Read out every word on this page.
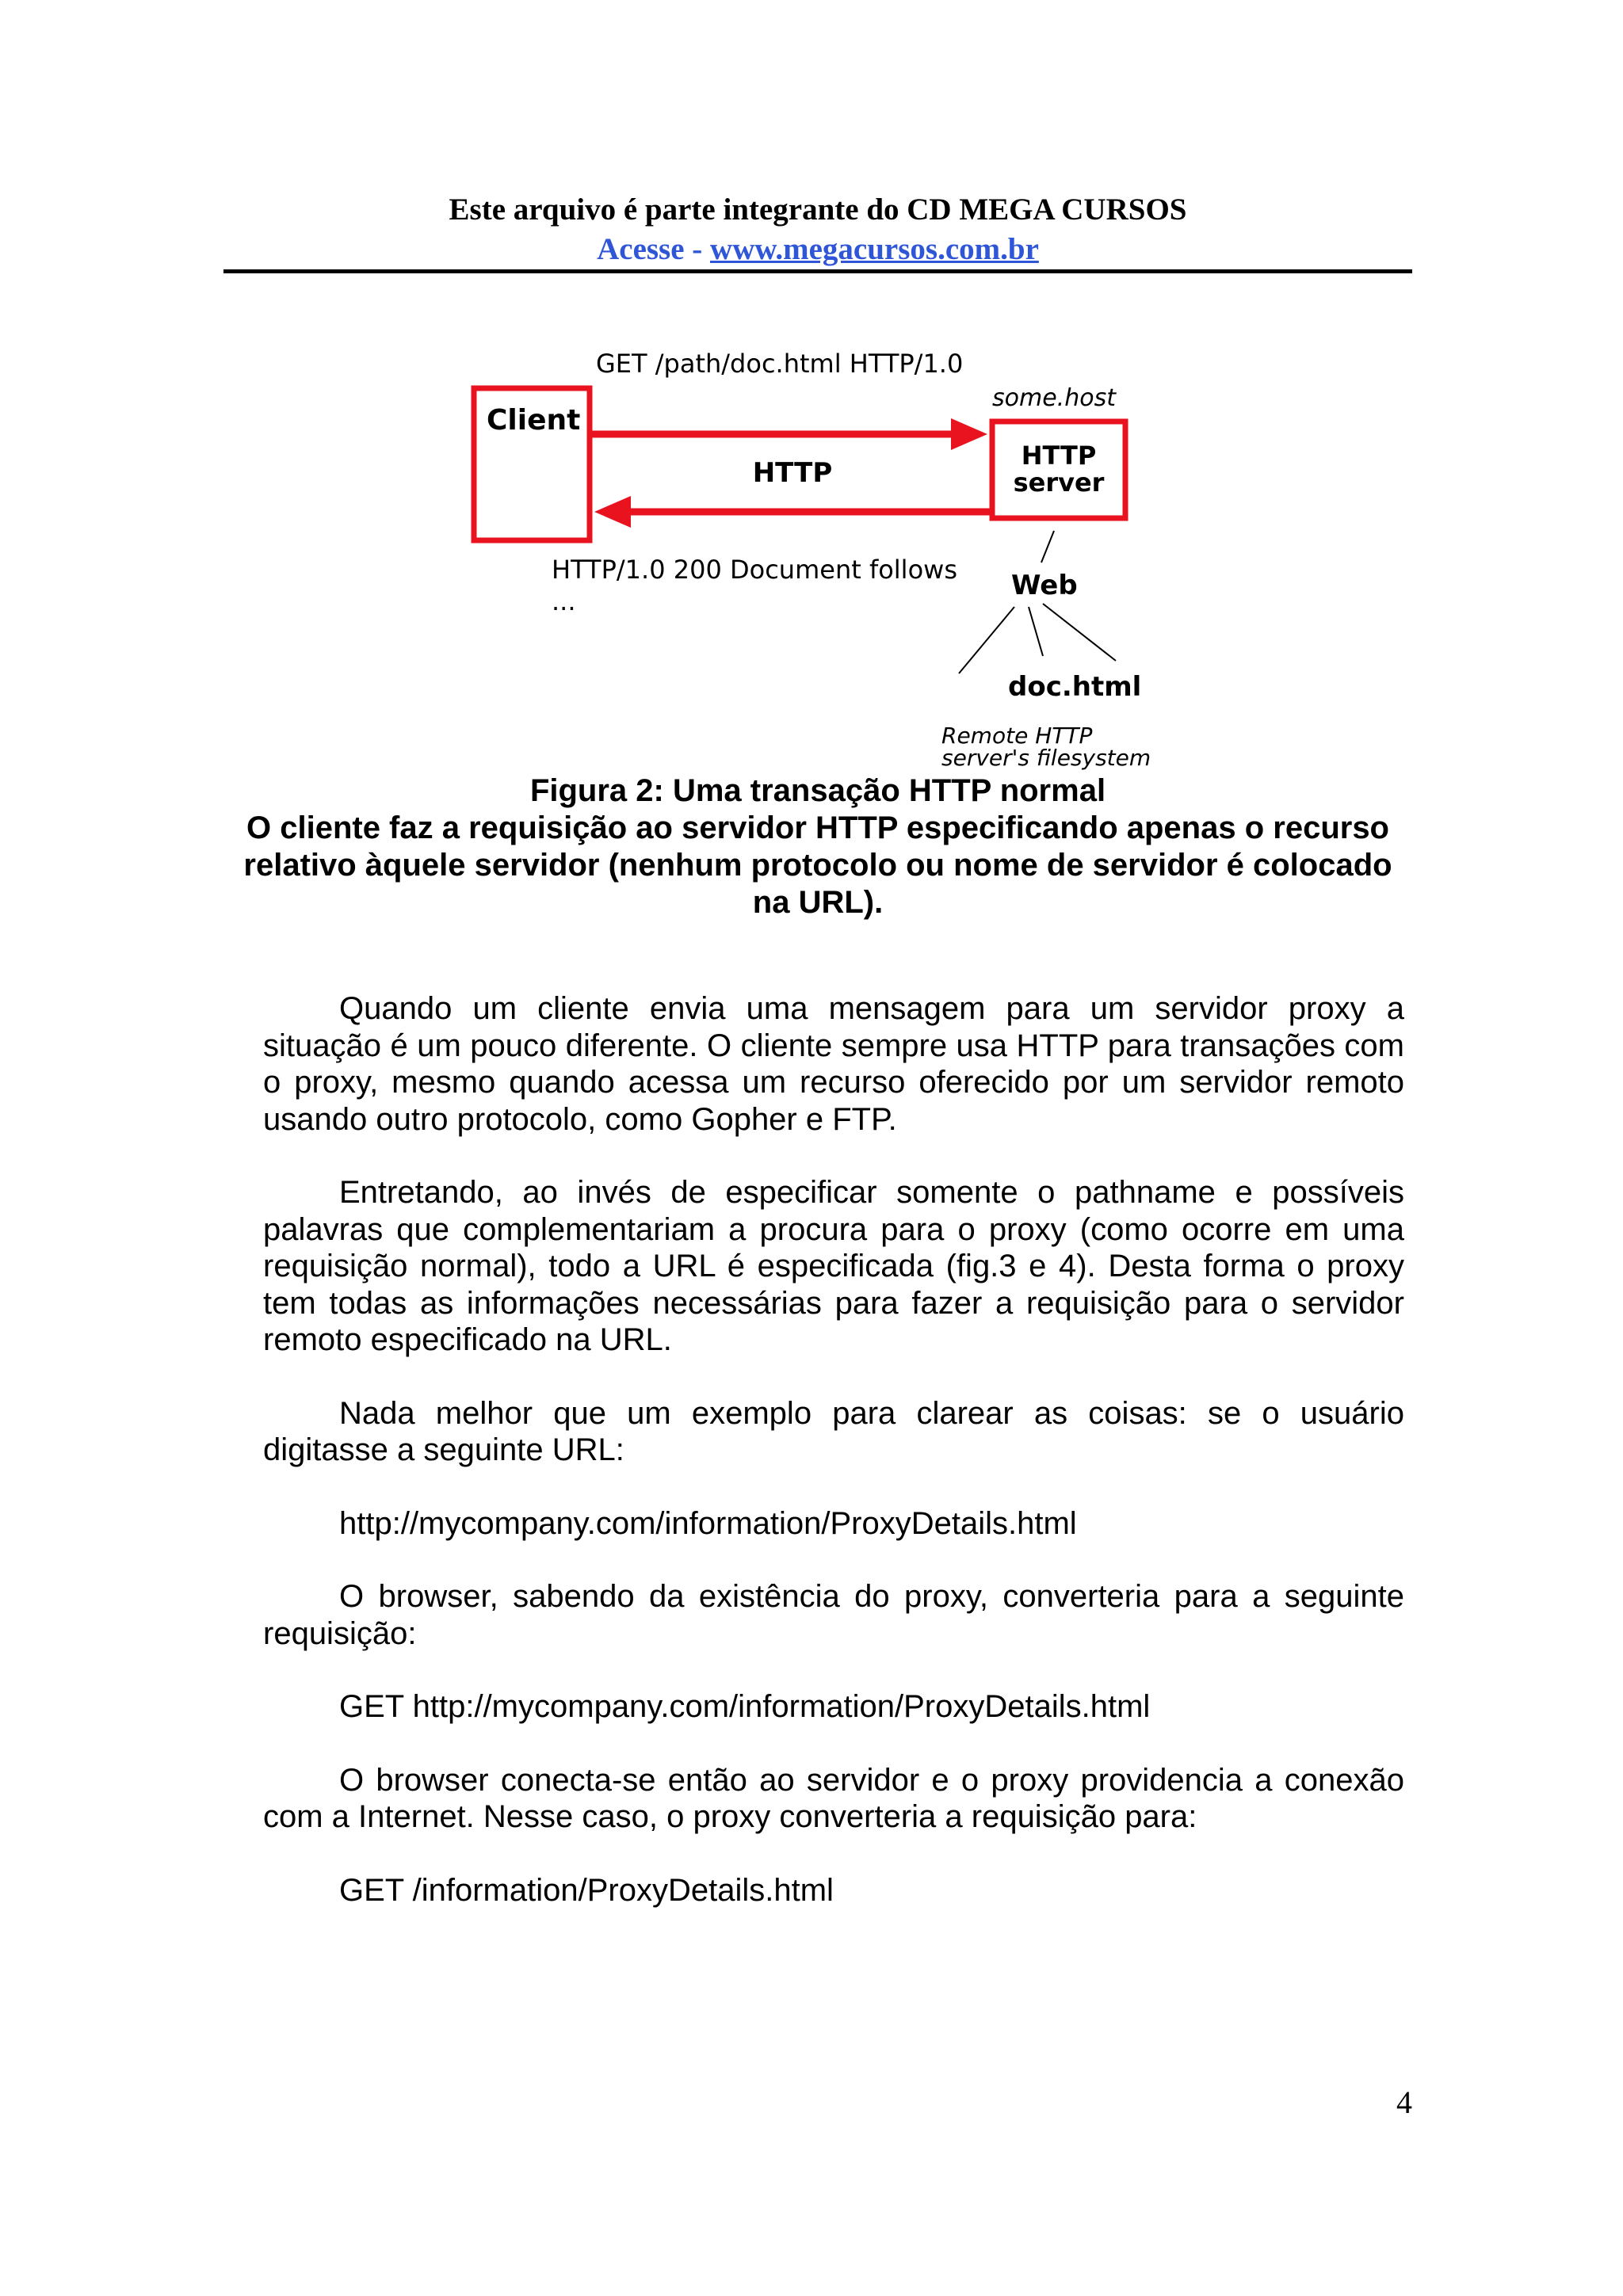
Este arquivo é parte integrante do CD MEGA CURSOS
Acesse - www.megacursos.com.br
GET /path/doc.html HTTP/1.0
Client
some.host
HTTP
server
HTTP
HTTP/1.0 200 Document follows
...	Web
doc.html
Remote HTTP
server's filesystem
Figura 2: Uma transação HTTP normal
O cliente faz a requisição ao servidor HTTP especificando apenas o recurso
relativo àquele servidor (nenhum protocolo ou nome de servidor é colocado
na URL).

Quando um cliente envia uma mensagem para um servidor proxy a situação é um pouco diferente. O cliente sempre usa HTTP para transações com o proxy, mesmo quando acessa um recurso oferecido por um servidor remoto usando outro protocolo, como Gopher e FTP.

Entretando, ao invés de especificar somente o pathname e possíveis palavras que complementariam a procura para o proxy (como ocorre em uma requisição normal), todo a URL é especificada (fig.3 e 4). Desta forma o proxy tem todas as informações necessárias para fazer a requisição para o servidor remoto especificado na URL.

Nada melhor que um exemplo para clarear as coisas: se o usuário digitasse a seguinte URL:

http://mycompany.com/information/ProxyDetails.html

O browser, sabendo da existência do proxy, converteria para a seguinte requisição:

GET http://mycompany.com/information/ProxyDetails.html

O browser conecta-se então ao servidor e o proxy providencia a conexão com a Internet. Nesse caso, o proxy converteria a requisição para:

GET /information/ProxyDetails.html

4
